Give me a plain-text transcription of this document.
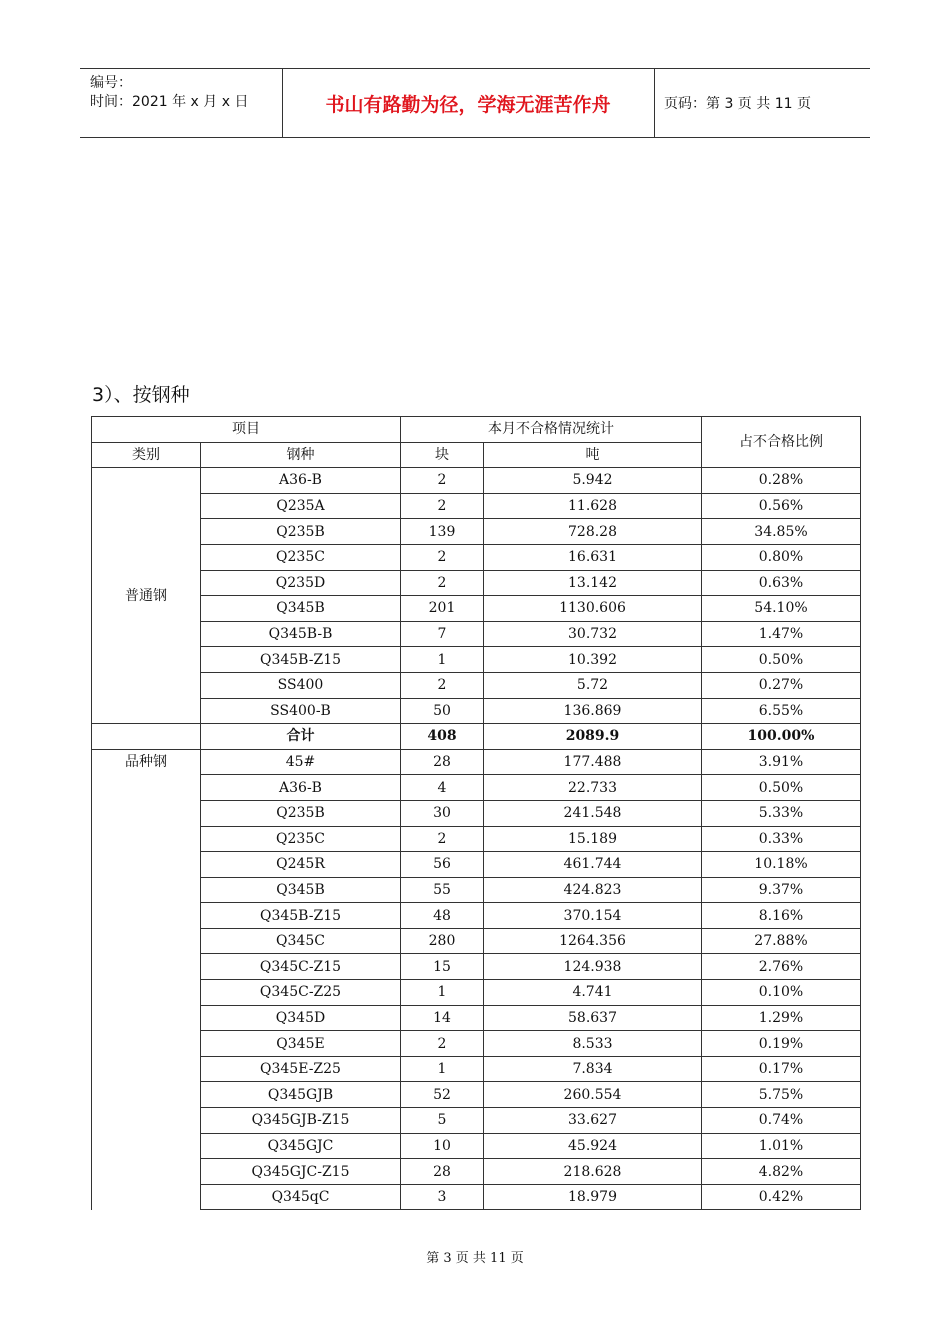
编号：
时间：2021 年 x 月 x 日	书山有路勤为径，学海无涯苦作舟	页码：第 3 页 共 11 页
3）、按钢种
项目		本月不合格情况统计		占不合格比例
类别	钢种	块	吨	
普通钢	A36-B	2	5.942	0.28%
	Q235A	2	11.628	0.56%
	Q235B	139	728.28	34.85%
	Q235C	2	16.631	0.80%
	Q235D	2	13.142	0.63%
	Q345B	201	1130.606	54.10%
	Q345B-B	7	30.732	1.47%
	Q345B-Z15	1	10.392	0.50%
	SS400	2	5.72	0.27%
	SS400-B	50	136.869	6.55%
	合计	408	2089.9	100.00%
品种钢	45#	28	177.488	3.91%
	A36-B	4	22.733	0.50%
	Q235B	30	241.548	5.33%
	Q235C	2	15.189	0.33%
	Q245R	56	461.744	10.18%
	Q345B	55	424.823	9.37%
	Q345B-Z15	48	370.154	8.16%
	Q345C	280	1264.356	27.88%
	Q345C-Z15	15	124.938	2.76%
	Q345C-Z25	1	4.741	0.10%
	Q345D	14	58.637	1.29%
	Q345E	2	8.533	0.19%
	Q345E-Z25	1	7.834	0.17%
	Q345GJB	52	260.554	5.75%
	Q345GJB-Z15	5	33.627	0.74%
	Q345GJC	10	45.924	1.01%
	Q345GJC-Z15	28	218.628	4.82%
	Q345qC	3	18.979	0.42%
第 3 页 共 11 页
